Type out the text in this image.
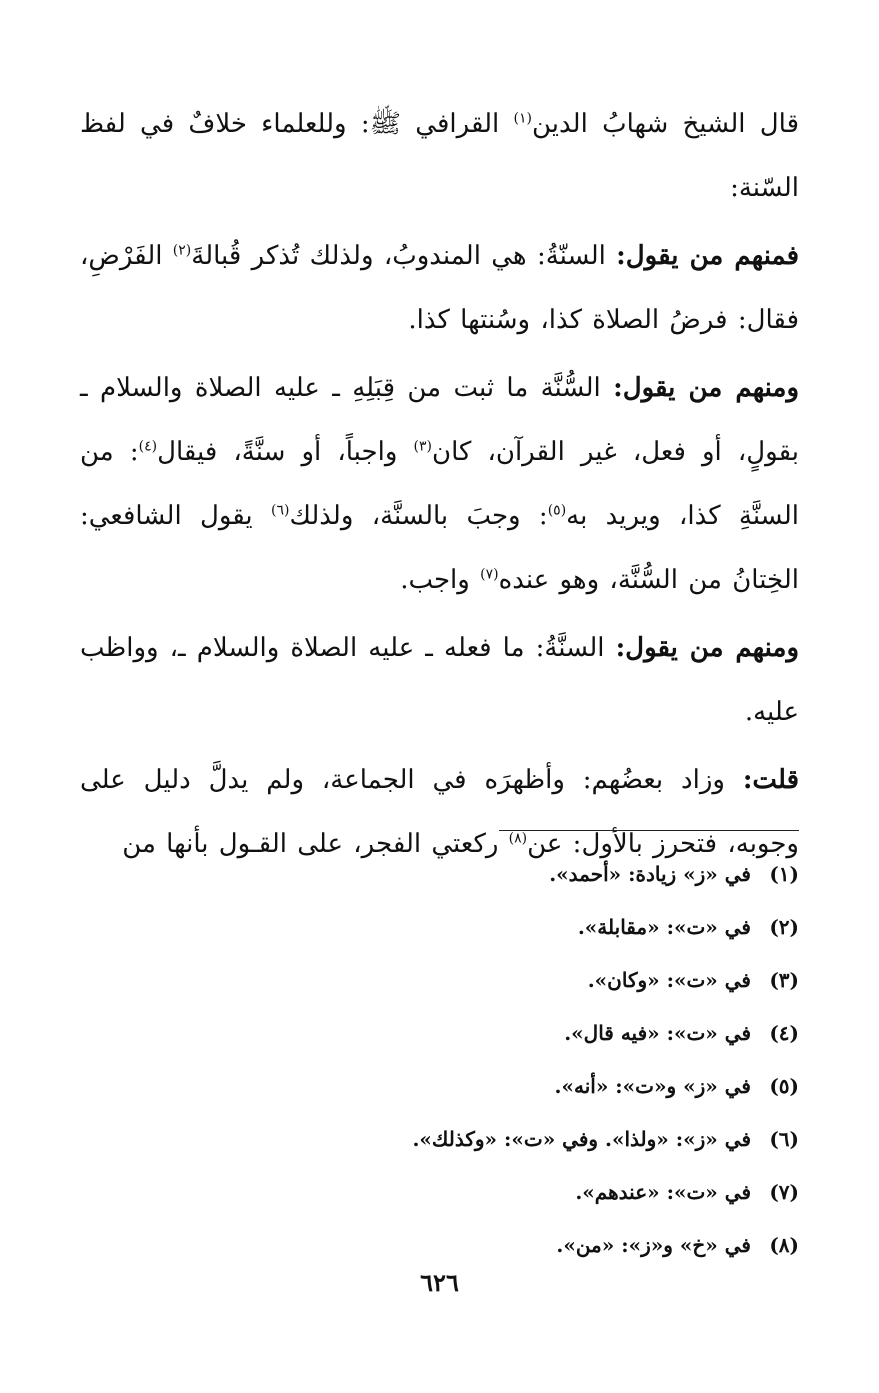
قال الشيخ شهابُ الدين$^{(١)}$ القرافي ﷺ: وللعلماء خلافٌ في لفظ السّنة:

فمنهم من يقول: السنّةُ: هي المندوبُ، ولذلك تُذكر قُبالةَ$^{(٢)}$ الفَرْضِ، فقال: فرضُ الصلاة كذا، وسُنتها كذا.

ومنهم من يقول: السُّنَّة ما ثبت من قِبَلِهِ ـ عليه الصلاة والسلام ـ بقولٍ، أو فعل، غير القرآن، كان$^{(٣)}$ واجباً، أو سنَّةً، فيقال$^{(٤)}$: من السنَّةِ كذا، ويريد به$^{(٥)}$: وجبَ بالسنَّة، ولذلك$^{(٦)}$ يقول الشافعي: الخِتانُ من السُّنَّة، وهو عنده$^{(٧)}$ واجب.

ومنهم من يقول: السنَّةُ: ما فعله ـ عليه الصلاة والسلام ـ، وواظب عليه.

قلت: وزاد بعضُهم: وأظهرَه في الجماعة، ولم يدلَّ دليل على وجوبه، فتحرز بالأول: عن$^{(٨)}$ ركعتي الفجر، على القـول بأنها من

(١)في «ز» زيادة: «أحمد».
(٢)في «ت»: «مقابلة».
(٣)في «ت»: «وكان».
(٤)في «ت»: «فيه قال».
(٥)في «ز» و«ت»: «أنه».
(٦)في «ز»: «ولذا». وفي «ت»: «وكذلك».
(٧)في «ت»: «عندهم».
(٨)في «خ» و«ز»: «من».
٦٢٦
